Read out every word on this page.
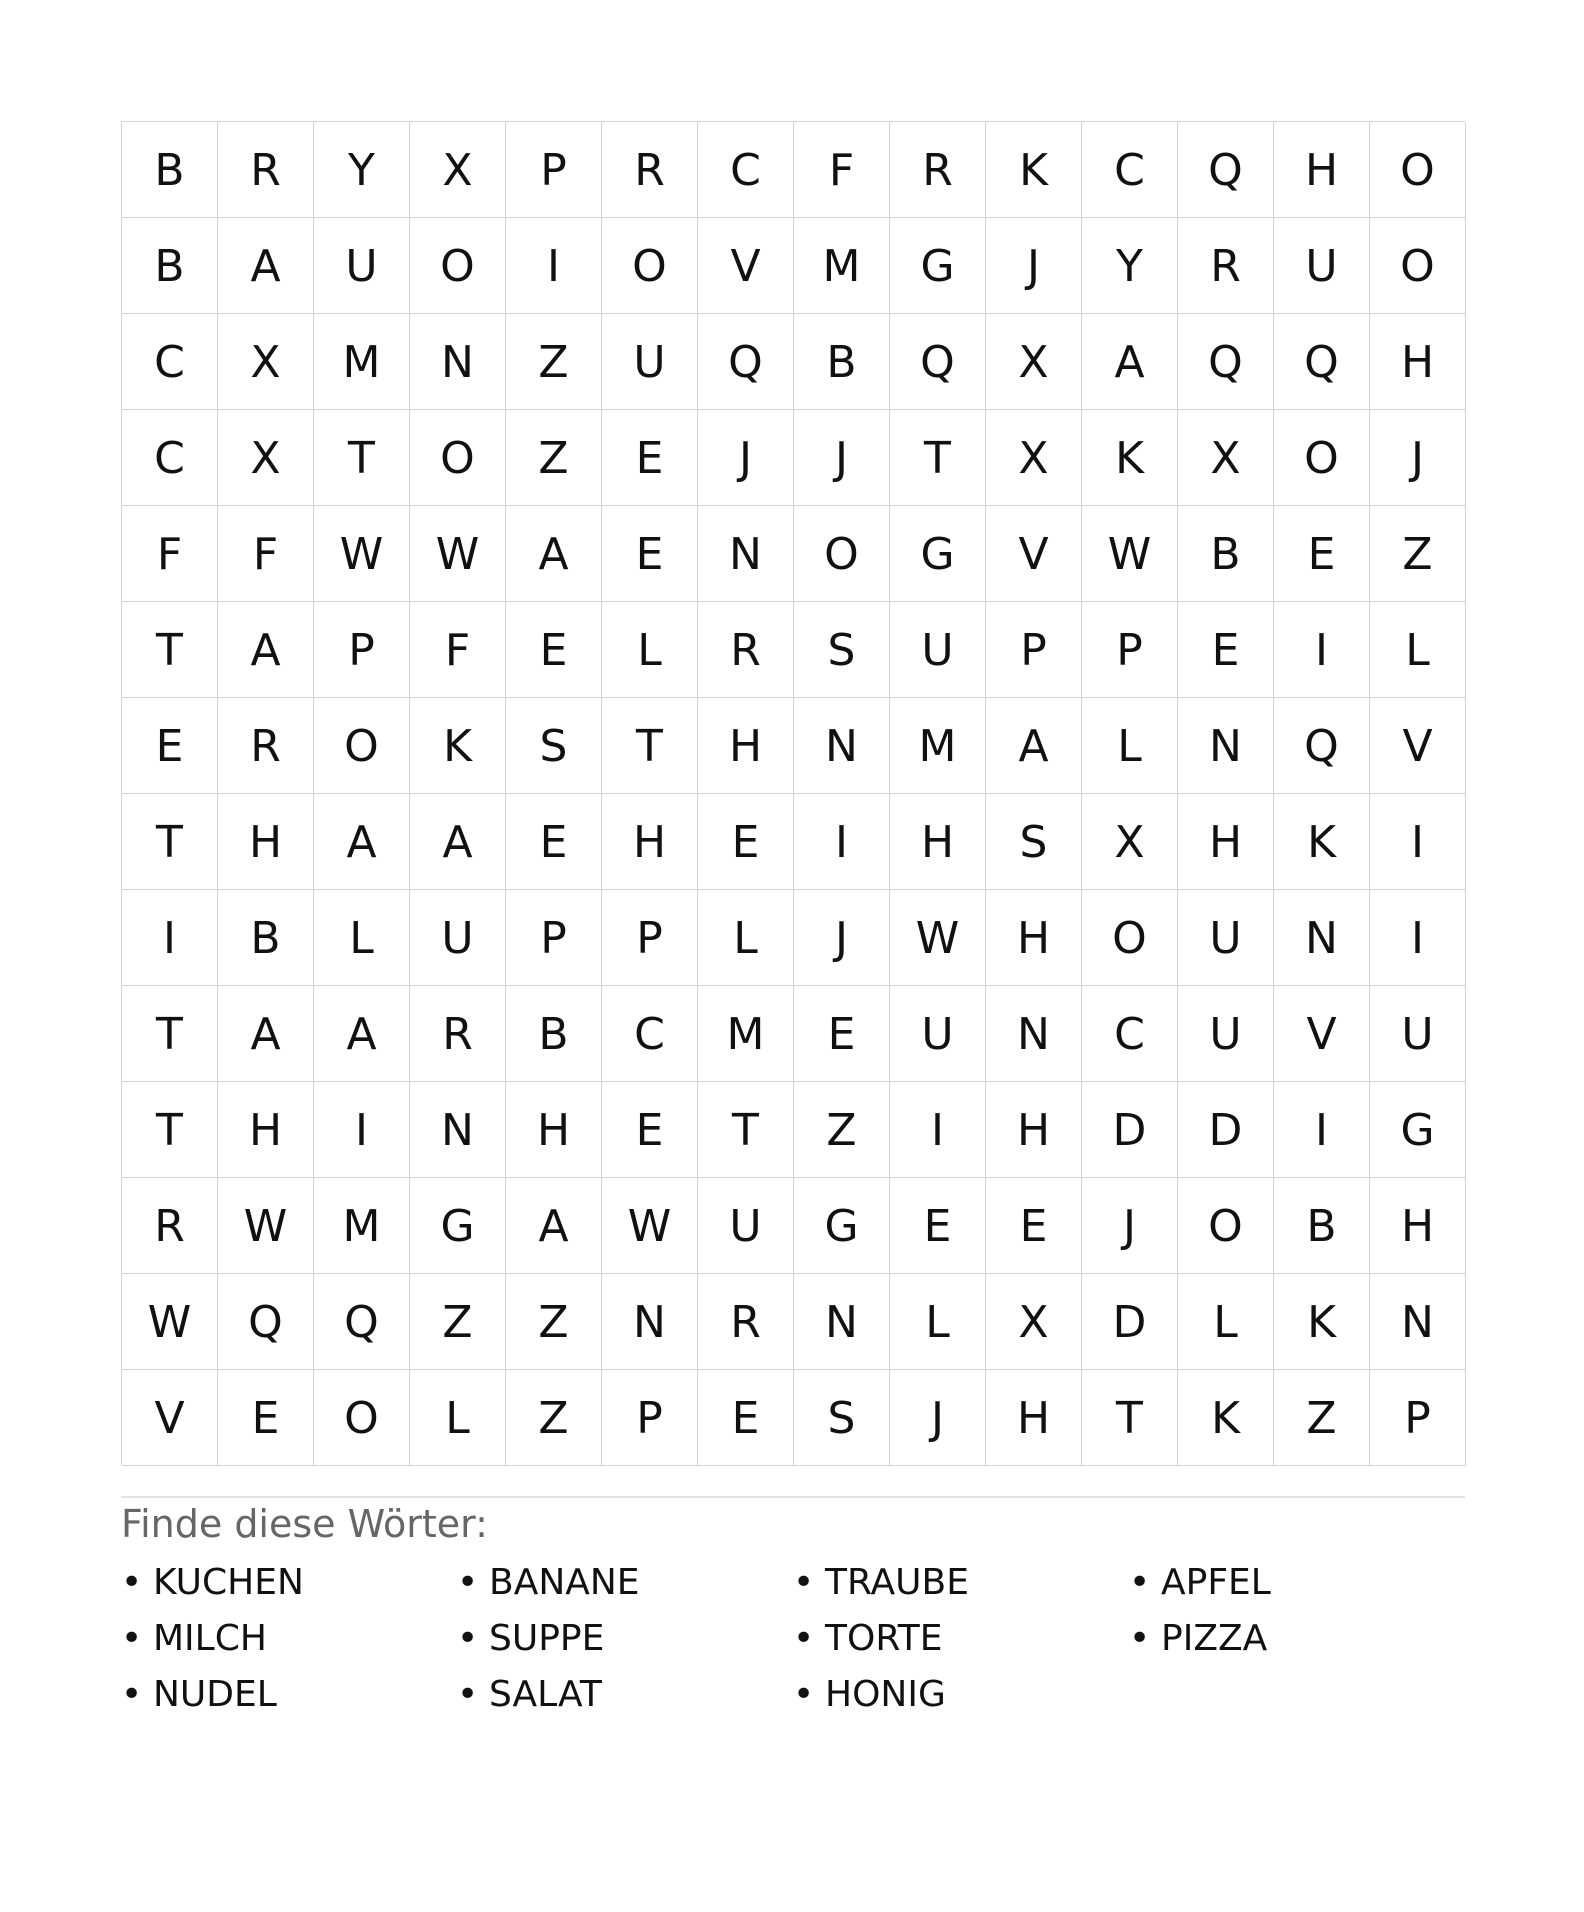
B	R	Y	X	P	R	C	F	R	K	C	Q	H	O
B	A	U	O	I	O	V	M	G	J	Y	R	U	O
C	X	M	N	Z	U	Q	B	Q	X	A	Q	Q	H
C	X	T	O	Z	E	J	J	T	X	K	X	O	J
F	F	W	W	A	E	N	O	G	V	W	B	E	Z
T	A	P	F	E	L	R	S	U	P	P	E	I	L
E	R	O	K	S	T	H	N	M	A	L	N	Q	V
T	H	A	A	E	H	E	I	H	S	X	H	K	I
I	B	L	U	P	P	L	J	W	H	O	U	N	I
T	A	A	R	B	C	M	E	U	N	C	U	V	U
T	H	I	N	H	E	T	Z	I	H	D	D	I	G
R	W	M	G	A	W	U	G	E	E	J	O	B	H
W	Q	Q	Z	Z	N	R	N	L	X	D	L	K	N
V	E	O	L	Z	P	E	S	J	H	T	K	Z	P
Finde diese Wörter:
• KUCHEN	• BANANE	• TRAUBE	• APFEL
• MILCH	• SUPPE	• TORTE	• PIZZA
• NUDEL	• SALAT	• HONIG
